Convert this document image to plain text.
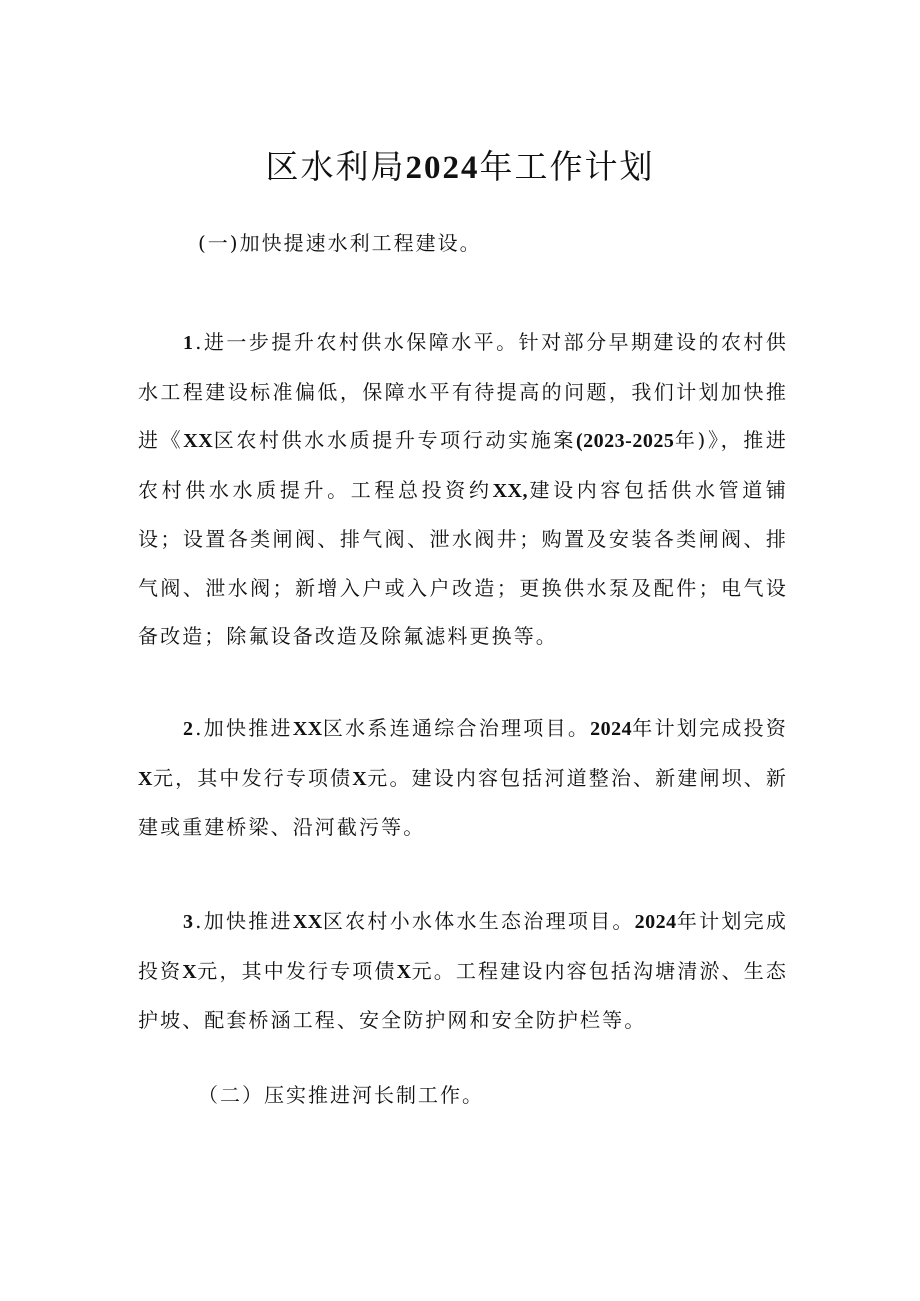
区水利局2024年工作计划
(一)加快提速水利工程建设。
1.进一步提升农村供水保障水平。针对部分早期建设的农村供水工程建设标准偏低，保障水平有待提高的问题，我们计划加快推进《XX区农村供水水质提升专项行动实施案(2023-2025年)》，推进农村供水水质提升。工程总投资约XX,建设内容包括供水管道铺设；设置各类闸阀、排气阀、泄水阀井；购置及安装各类闸阀、排气阀、泄水阀；新增入户或入户改造；更换供水泵及配件；电气设备改造；除氟设备改造及除氟滤料更换等。
2.加快推进XX区水系连通综合治理项目。2024年计划完成投资X元，其中发行专项债X元。建设内容包括河道整治、新建闸坝、新建或重建桥梁、沿河截污等。
3.加快推进XX区农村小水体水生态治理项目。2024年计划完成投资X元，其中发行专项债X元。工程建设内容包括沟塘清淤、生态护坡、配套桥涵工程、安全防护网和安全防护栏等。
（二）压实推进河长制工作。
